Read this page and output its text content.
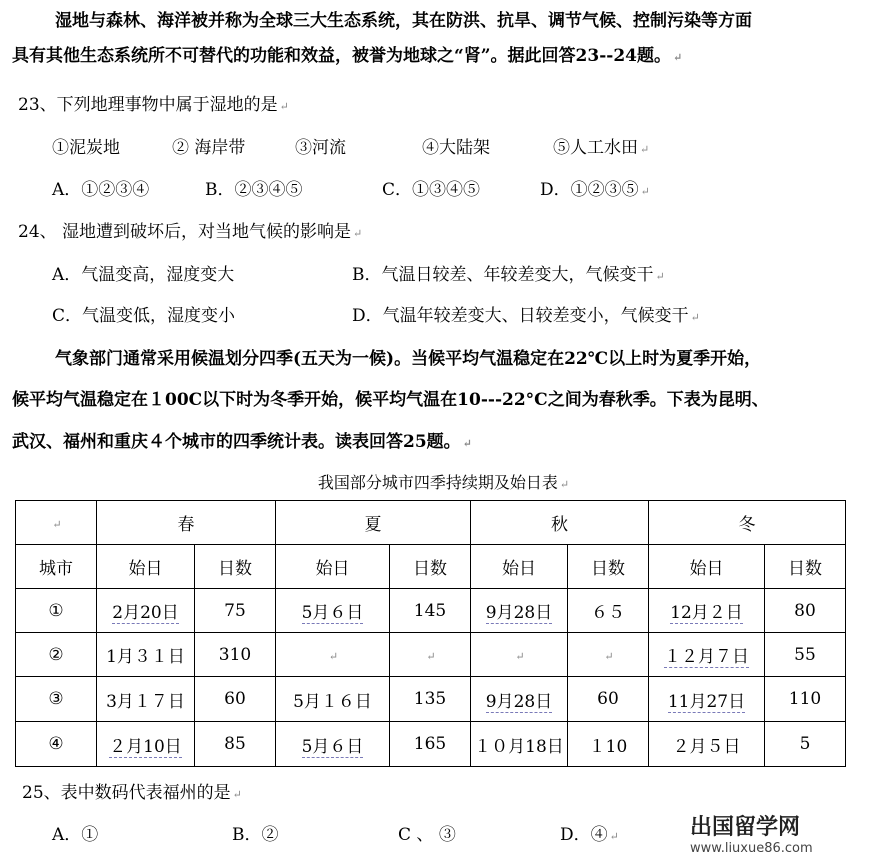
湿地与森林、海洋被并称为全球三大生态系统，其在防洪、抗旱、调节气候、控制污染等方面
具有其他生态系统所不可替代的功能和效益，被誉为地球之“肾”。据此回答23--24题。 ↵
23、下列地理事物中属于湿地的是 ↵
①泥炭地	② 海岸带	③河流	④大陆架	⑤人工水田 ↵
A．①②③④	B．②③④⑤	C．①③④⑤	D．①②③⑤ ↵
24、 湿地遭到破坏后，对当地气候的影响是 ↵
A．气温变高，湿度变大	B．气温日较差、年较差变大，气候变干 ↵
C．气温变低，湿度变小	D．气温年较差变大、日较差变小，气候变干 ↵
气象部门通常采用候温划分四季(五天为一候)。当候平均气温稳定在22℃以上时为夏季开始，
候平均气温稳定在１00C以下时为冬季开始，候平均气温在10---22°C之间为春秋季。下表为昆明、
武汉、福州和重庆４个城市的四季统计表。读表回答25题。 ↵
我国部分城市四季持续期及始日表 ↵
↵	春		夏		秋		冬	
城市	始日	日数	始日	日数	始日	日数	始日	日数
①	2月20日	75	5月６日	145	9月28日	６５	12月２日	80
②	1月３１日	310	↵	↵	↵	↵	１２月７日	55
③	3月１７日	60	5月１６日	135	9月28日	60	11月27日	110
④	２月10日	85	5月６日	165	１０月18日	１10	２月５日	5
25、表中数码代表福州的是 ↵
A．①	B．②	C 、 ③	D．④ ↵	出国留学网
www.liuxue86.com
